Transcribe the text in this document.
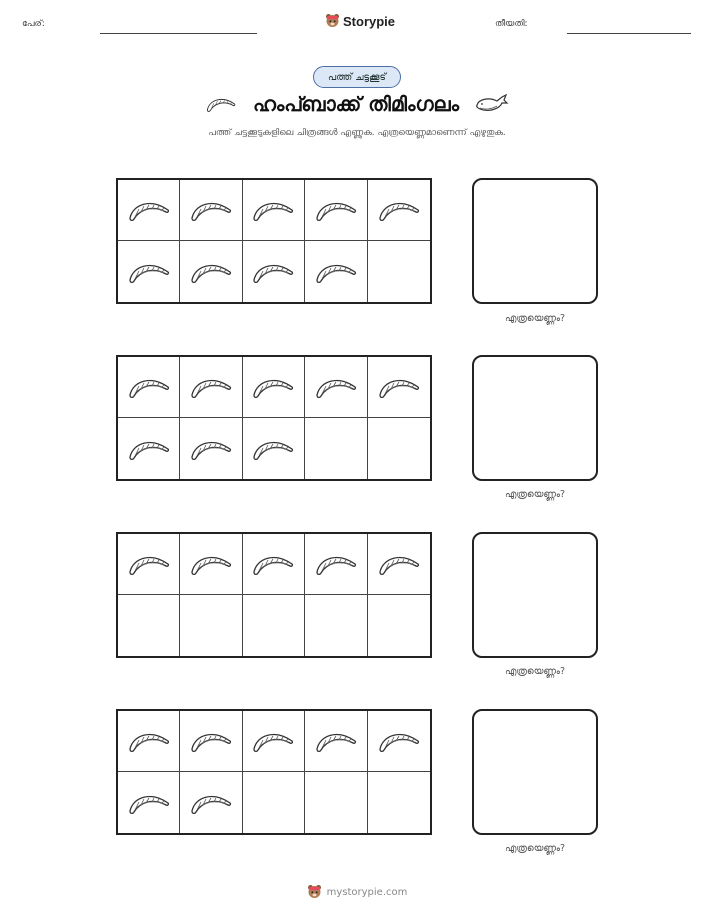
പേര്:	Storypie	തീയതി:
പത്ത് ചട്ടക്കൂട്
ഹംപ്ബാക്ക് തിമിംഗലം
പത്ത് ചട്ടക്കൂടുകളിലെ ചിത്രങ്ങൾ എണ്ണുക. എത്രയെണ്ണമാണെന്ന് എഴുതുക.
എത്രയെണ്ണം?
എത്രയെണ്ണം?
എത്രയെണ്ണം?
എത്രയെണ്ണം?
mystorypie.com
